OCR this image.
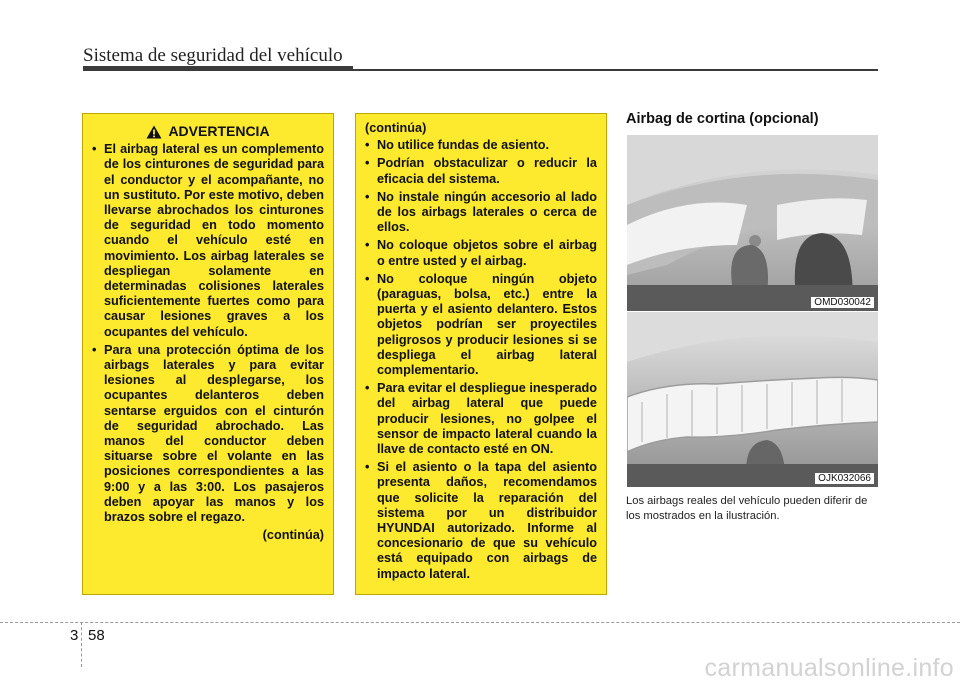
Sistema de seguridad del vehículo
ADVERTENCIA
• El airbag lateral es un complemento de los cinturones de seguridad para el conductor y el acompañante, no un sustituto. Por este motivo, deben llevarse abrochados los cinturones de seguridad en todo momento cuando el vehículo esté en movimiento. Los airbag laterales se despliegan solamente en determinadas colisiones laterales suficientemente fuertes como para causar lesiones graves a los ocupantes del vehículo.
• Para una protección óptima de los airbags laterales y para evitar lesiones al desplegarse, los ocupantes delanteros deben sentarse erguidos con el cinturón de seguridad abrochado. Las manos del conductor deben situarse sobre el volante en las posiciones correspondientes a las 9:00 y a las 3:00. Los pasajeros deben apoyar las manos y los brazos sobre el regazo.
(continúa)
(continúa)
• No utilice fundas de asiento.
• Podrían obstaculizar o reducir la eficacia del sistema.
• No instale ningún accesorio al lado de los airbags laterales o cerca de ellos.
• No coloque objetos sobre el airbag o entre usted y el airbag.
• No coloque ningún objeto (paraguas, bolsa, etc.) entre la puerta y el asiento delantero. Estos objetos podrían ser proyectiles peligrosos y producir lesiones si se despliega el airbag lateral complementario.
• Para evitar el despliegue inesperado del airbag lateral que puede producir lesiones, no golpee el sensor de impacto lateral cuando la llave de contacto esté en ON.
• Si el asiento o la tapa del asiento presenta daños, recomendamos que solicite la reparación del sistema por un distribuidor HYUNDAI autorizado. Informe al concesionario de que su vehículo está equipado con airbags de impacto lateral.
Airbag de cortina (opcional)
OMD030042
OJK032066
Los airbags reales del vehículo pueden diferir de los mostrados en la ilustración.
3 58
carmanualsonline.info
